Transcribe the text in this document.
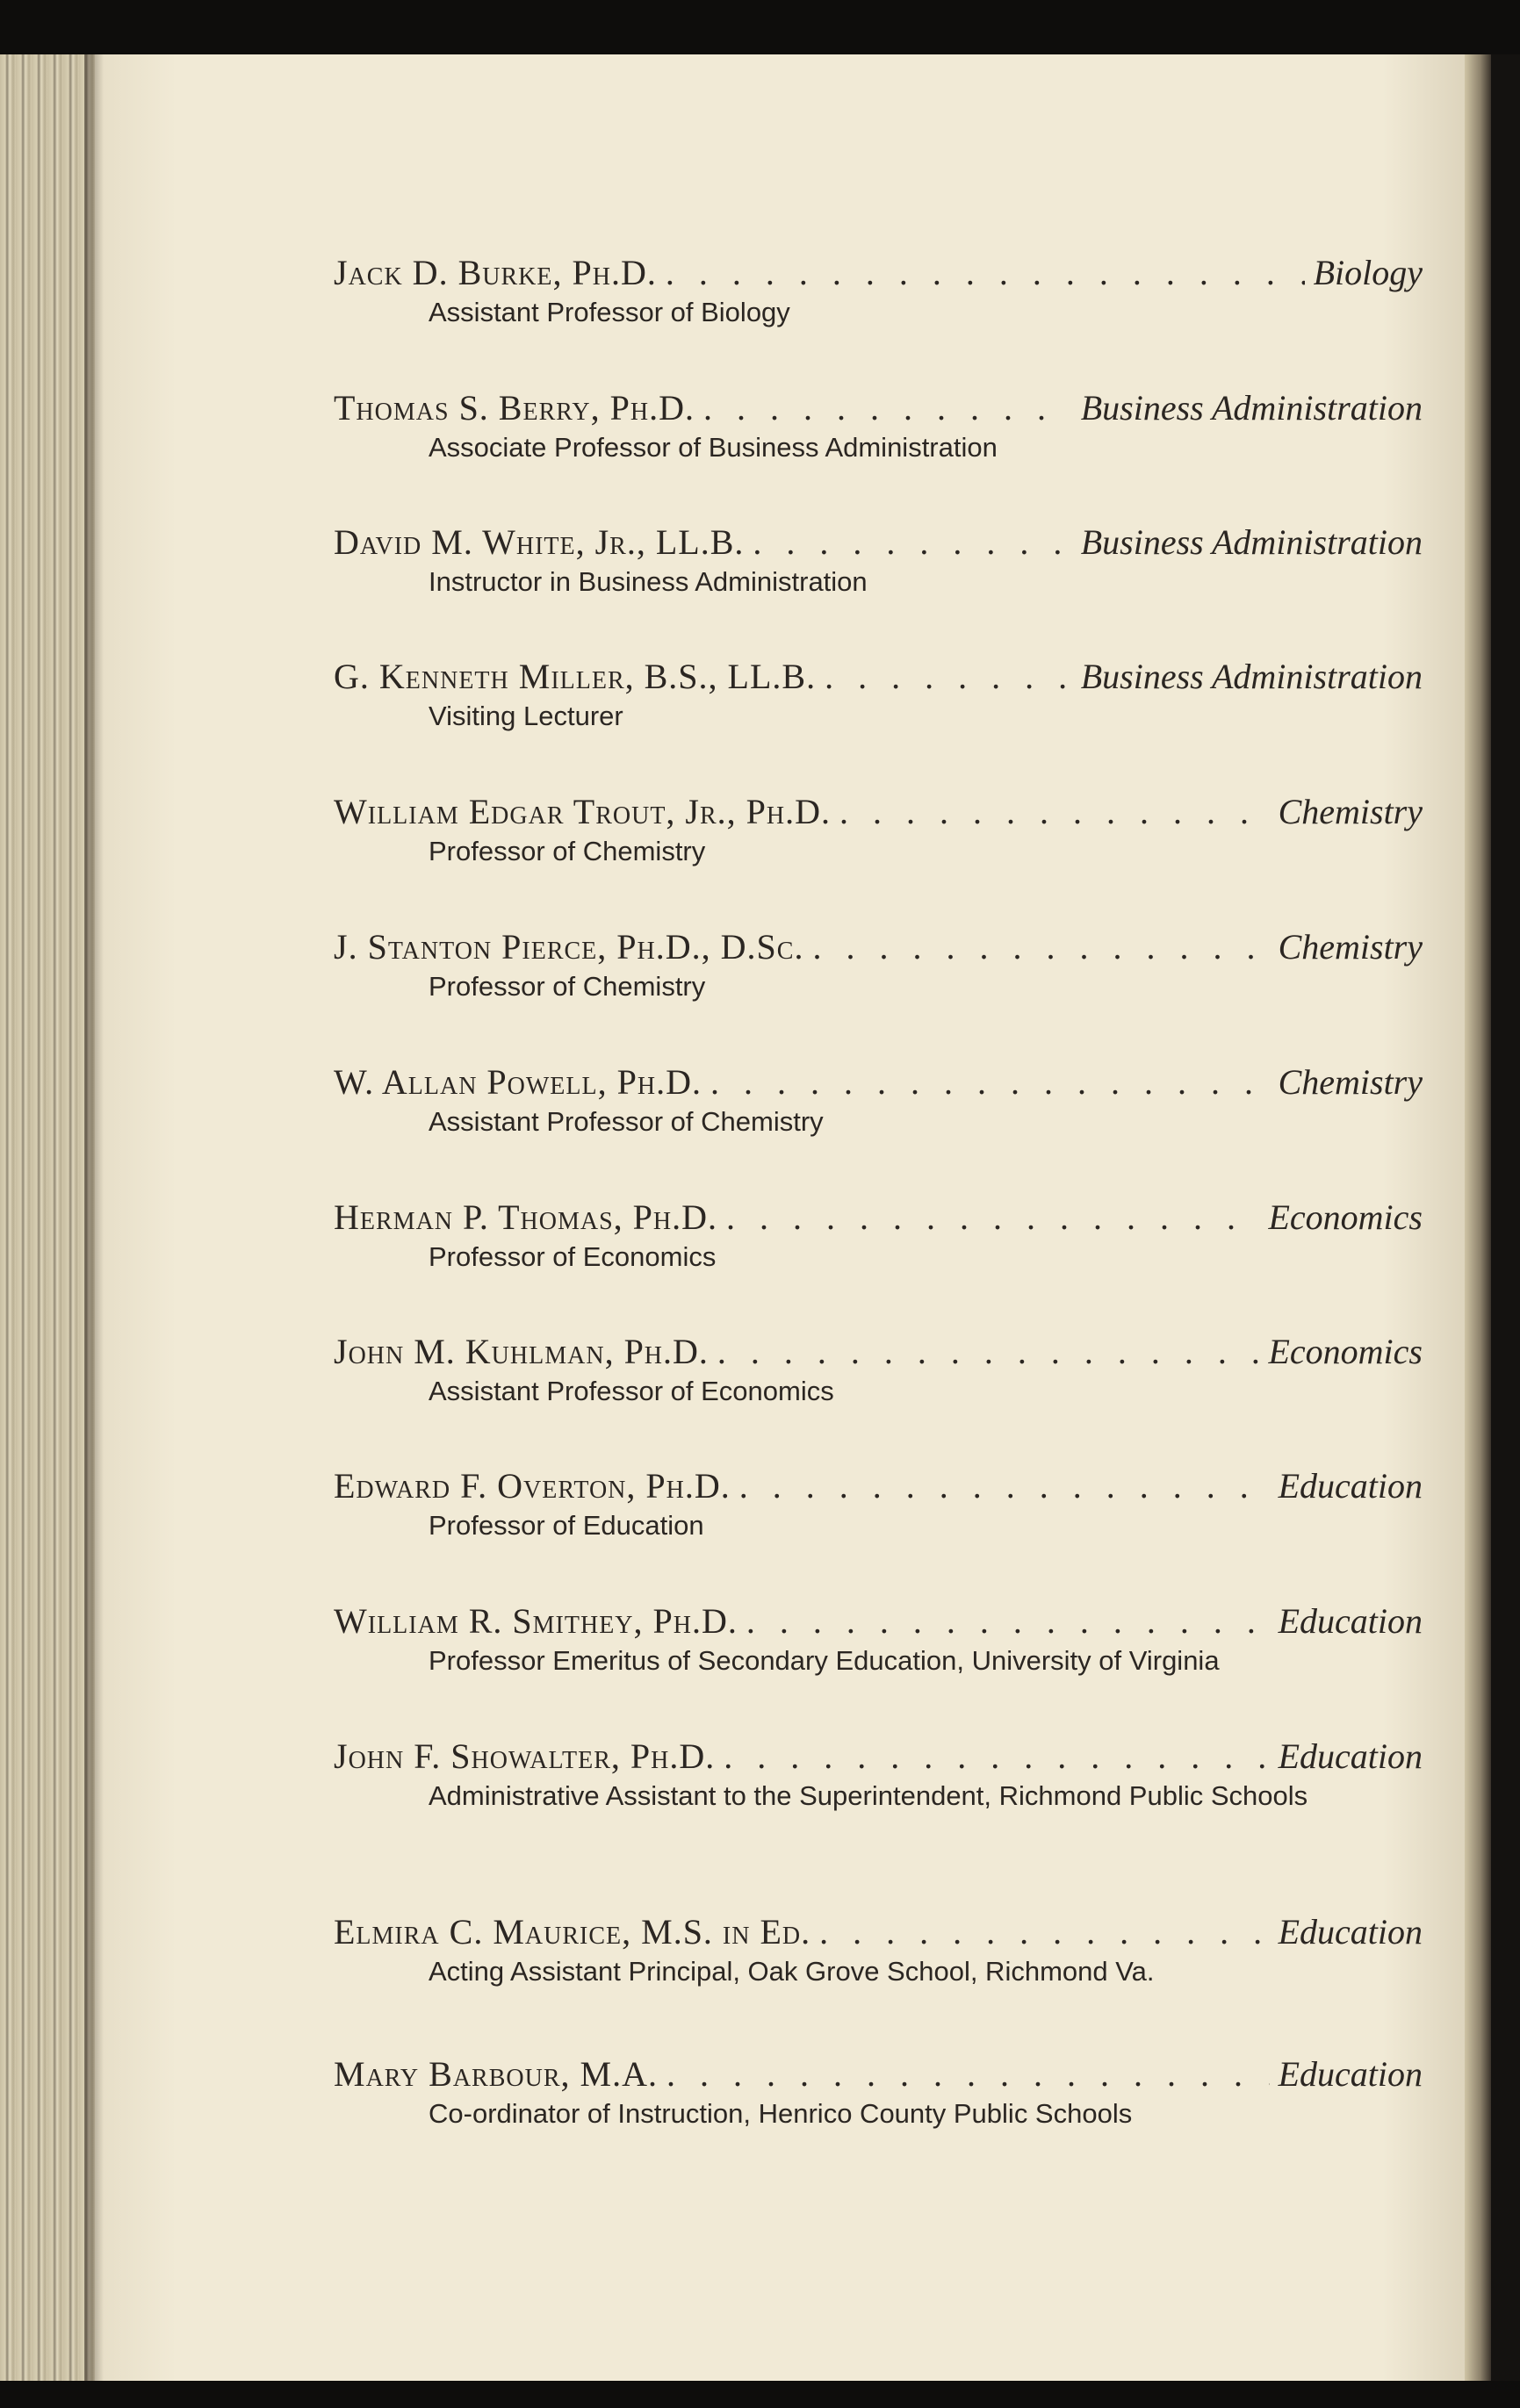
Jack D. Burke, Ph.D. . . .	Biology
Assistant Professor of Biology
Thomas S. Berry, Ph.D. . . .	Business Administration
Associate Professor of Business Administration
David M. White, Jr., LL.B. . . .	Business Administration
Instructor in Business Administration
G. Kenneth Miller, B.S., LL.B. . . .	Business Administration
Visiting Lecturer
William Edgar Trout, Jr., Ph.D. . . .	Chemistry
Professor of Chemistry
J. Stanton Pierce, Ph.D., D.Sc. . . .	Chemistry
Professor of Chemistry
W. Allan Powell, Ph.D. . . .	Chemistry
Assistant Professor of Chemistry
Herman P. Thomas, Ph.D. . . .	Economics
Professor of Economics
John M. Kuhlman, Ph.D. . . .	Economics
Assistant Professor of Economics
Edward F. Overton, Ph.D. . . .	Education
Professor of Education
William R. Smithey, Ph.D. . . .	Education
Professor Emeritus of Secondary Education, University of Virginia
John F. Showalter, Ph.D. . . .	Education
Administrative Assistant to the Superintendent, Richmond Public Schools
Elmira C. Maurice, M.S. in Ed. . . .	Education
Acting Assistant Principal, Oak Grove School, Richmond Va.
Mary Barbour, M.A. . . .	Education
Co-ordinator of Instruction, Henrico County Public Schools
